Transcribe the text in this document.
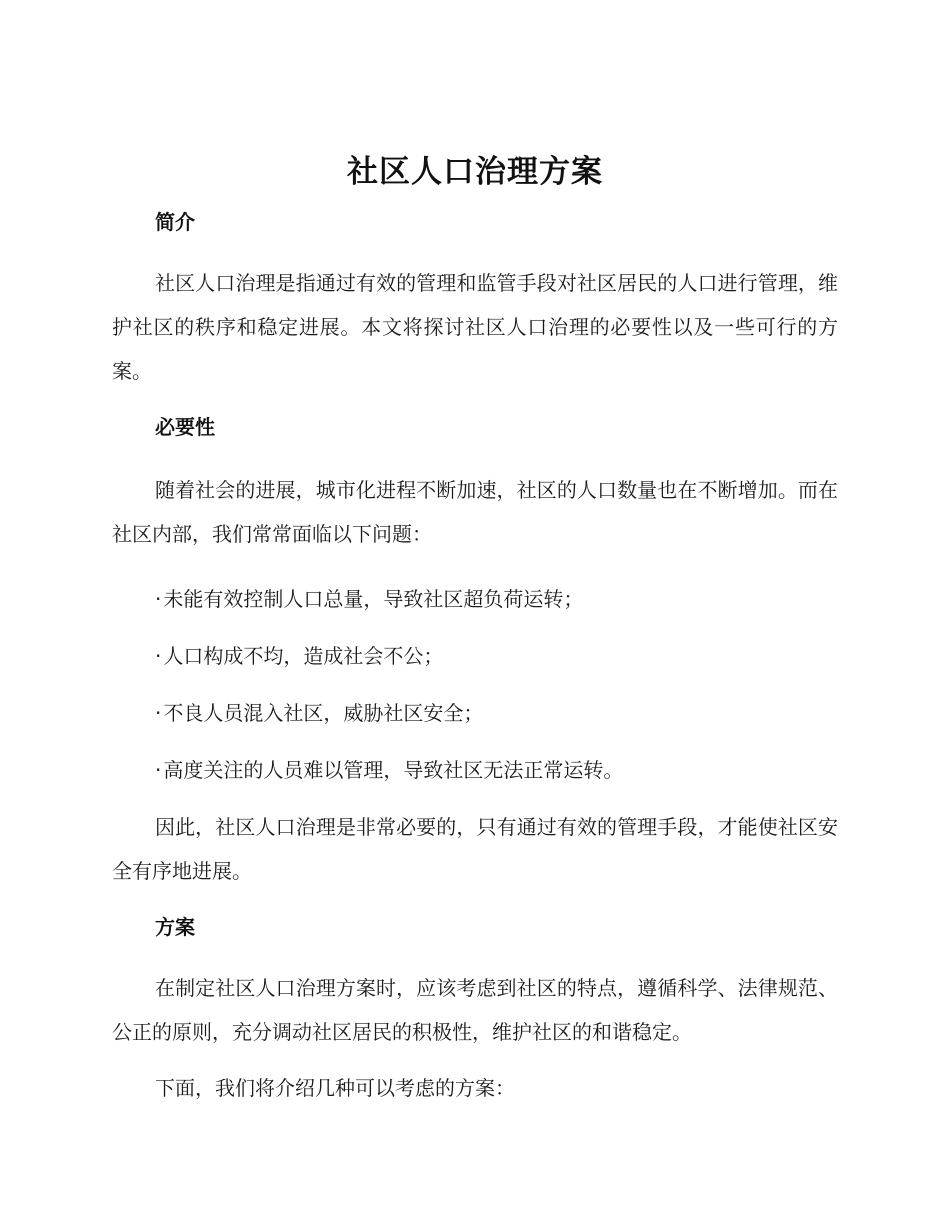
社区人口治理方案
简介

社区人口治理是指通过有效的管理和监管手段对社区居民的人口进行管理，维护社区的秩序和稳定进展。本文将探讨社区人口治理的必要性以及一些可行的方案。

必要性

随着社会的进展，城市化进程不断加速，社区的人口数量也在不断增加。而在社区内部，我们常常面临以下问题：

· 未能有效控制人口总量，导致社区超负荷运转；
· 人口构成不均，造成社会不公；
· 不良人员混入社区，威胁社区安全；
· 高度关注的人员难以管理，导致社区无法正常运转。

因此，社区人口治理是非常必要的，只有通过有效的管理手段，才能使社区安全有序地进展。

方案

在制定社区人口治理方案时，应该考虑到社区的特点，遵循科学、法律规范、公正的原则，充分调动社区居民的积极性，维护社区的和谐稳定。

下面，我们将介绍几种可以考虑的方案：
